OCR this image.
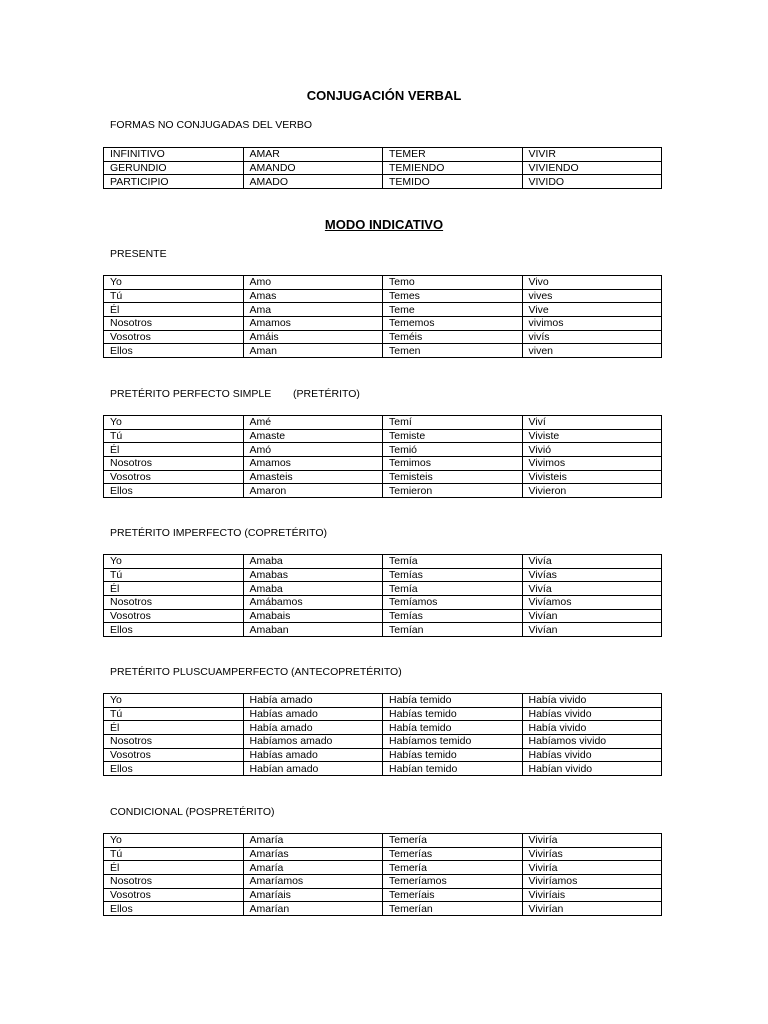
CONJUGACIÓN VERBAL
FORMAS NO CONJUGADAS DEL VERBO
INFINITIVO	AMAR	TEMER	VIVIR
GERUNDIO	AMANDO	TEMIENDO	VIVIENDO
PARTICIPIO	AMADO	TEMIDO	VIVIDO
MODO INDICATIVO
PRESENTE
Yo	Amo	Temo	Vivo
Tú	Amas	Temes	vives
Él	Ama	Teme	Vive
Nosotros	Amamos	Tememos	vivimos
Vosotros	Amáis	Teméis	vivís
Ellos	Aman	Temen	viven
PRETÉRITO PERFECTO SIMPLE (PRETÉRITO)
Yo	Amé	Temí	Viví
Tú	Amaste	Temiste	Viviste
Él	Amó	Temió	Vivió
Nosotros	Amamos	Temimos	Vivimos
Vosotros	Amasteis	Temisteis	Vivisteis
Ellos	Amaron	Temieron	Vivieron
PRETÉRITO IMPERFECTO (COPRETÉRITO)
Yo	Amaba	Temía	Vivía
Tú	Amabas	Temías	Vivías
Él	Amaba	Temía	Vivía
Nosotros	Amábamos	Temíamos	Vivíamos
Vosotros	Amabais	Temías	Vivían
Ellos	Amaban	Temían	Vivían
PRETÉRITO PLUSCUAMPERFECTO (ANTECOPRETÉRITO)
Yo	Había amado	Había temido	Había vivido
Tú	Habías amado	Habías temido	Habías vivido
Él	Había amado	Había temido	Había vivido
Nosotros	Habíamos amado	Habíamos temido	Habíamos vivido
Vosotros	Habías amado	Habías temido	Habías vivido
Ellos	Habían amado	Habían temido	Habían vivido
CONDICIONAL (POSPRETÉRITO)
Yo	Amaría	Temería	Viviría
Tú	Amarías	Temerías	Vivirías
Él	Amaría	Temería	Viviría
Nosotros	Amaríamos	Temeríamos	Viviríamos
Vosotros	Amaríais	Temeríais	Viviríais
Ellos	Amarían	Temerían	Vivirían
